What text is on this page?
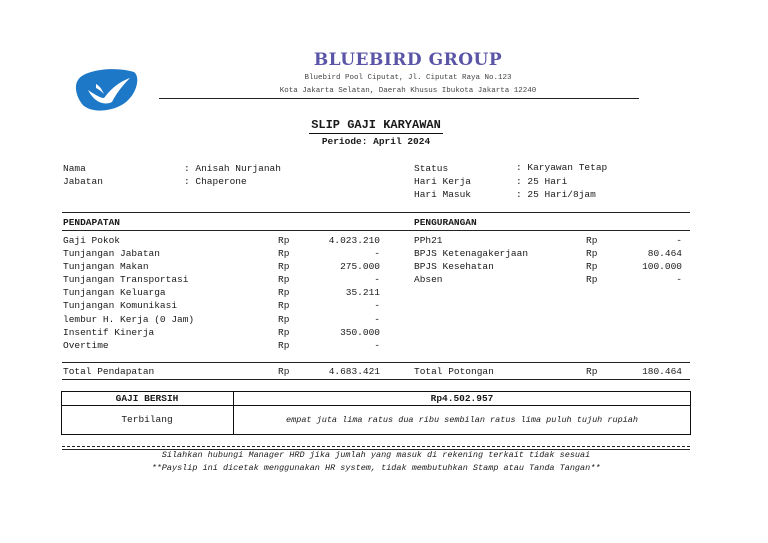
BLUEBIRD GROUP
Bluebird Pool Ciputat, Jl. Ciputat Raya No.123
Kota Jakarta Selatan, Daerah Khusus Ibukota Jakarta 12240
SLIP GAJI KARYAWAN
Periode: April 2024
Nama	: Anisah Nurjanah
Jabatan	: Chaperone
Status	: Karyawan Tetap
Hari Kerja	: 25 Hari
Hari Masuk	: 25 Hari/8jam
PENDAPATAN	PENGURANGAN
Gaji Pokok	Rp	4.023.210
Tunjangan Jabatan	Rp	-
Tunjangan Makan	Rp	275.000
Tunjangan Transportasi	Rp	-
Tunjangan Keluarga	Rp	35.211
Tunjangan Komunikasi	Rp	-
lembur H. Kerja (0 Jam)	Rp	-
Insentif Kinerja	Rp	350.000
Overtime	Rp	-
PPh21	Rp	-
BPJS Ketenagakerjaan	Rp	80.464
BPJS Kesehatan	Rp	100.000
Absen	Rp	-
Total Pendapatan	Rp	4.683.421	Total Potongan	Rp	180.464
GAJI BERSIH	Rp4.502.957
Terbilang	empat juta lima ratus dua ribu sembilan ratus lima puluh tujuh rupiah
Silahkan hubungi Manager HRD jika jumlah yang masuk di rekening terkait tidak sesuai
**Payslip ini dicetak menggunakan HR system, tidak membutuhkan Stamp atau Tanda Tangan**
